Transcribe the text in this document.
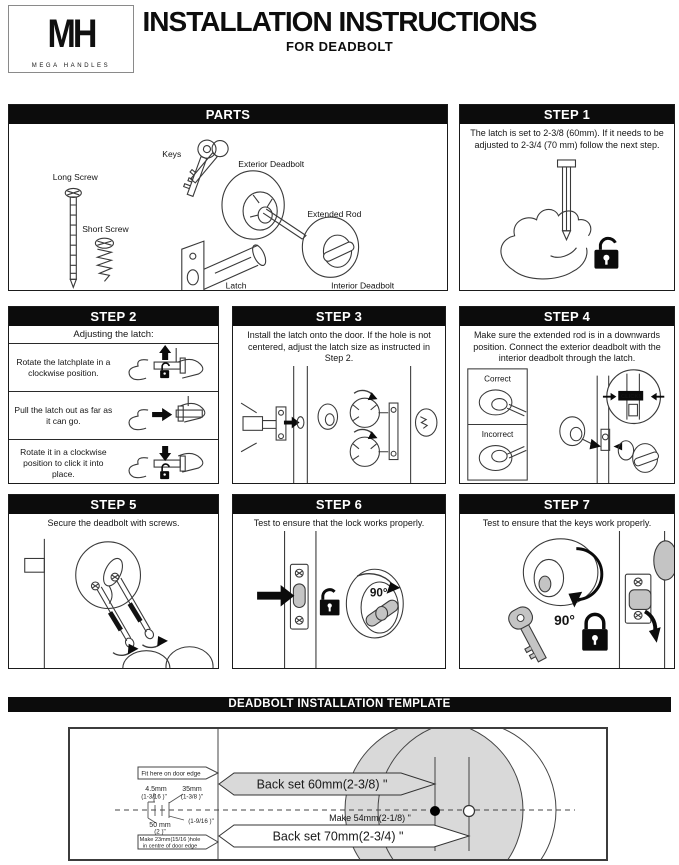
MH
MEGA HANDLES
INSTALLATION INSTRUCTIONS
FOR DEADBOLT
PARTS
Long Screw
Short Screw
Keys
Exterior Deadbolt
Extended Rod
Latch	Interior Deadbolt
STEP 1
The latch is set to 2-3/8 (60mm). If it needs to be adjusted to 2-3/4 (70 mm) follow the next step.
STEP 2
Adjusting the latch:
Rotate the latchplate in a clockwise position.
Pull the latch out as far as it can go.
Rotate it in a clockwise position to click it into place.
STEP 3
Install the latch onto the door. If the hole is not centered, adjust the latch size as instructed in Step 2.
STEP 4
Make sure the extended rod is in a downwards position. Connect the exterior deadbolt with the interior deadbolt through the latch.
Correct
Incorrect
CLICK!
STEP 5
Secure the deadbolt with screws.
STEP 6
Test to ensure that the lock works properly.
90°
STEP 7
Test to ensure that the keys work properly.
90°
DEADBOLT INSTALLATION TEMPLATE
Back set 60mm(2-3/8) "
Back set 70mm(2-3/4) "
Make 54mm(2-1/8) "
Fit here on door edge
Make 23mm(15/16 )hole
in centre of door edge
4.5mm
(1-3/16 )"
35mm
(1-3/8 )"
50 mm
(2 )"
(1-9/16 )"
